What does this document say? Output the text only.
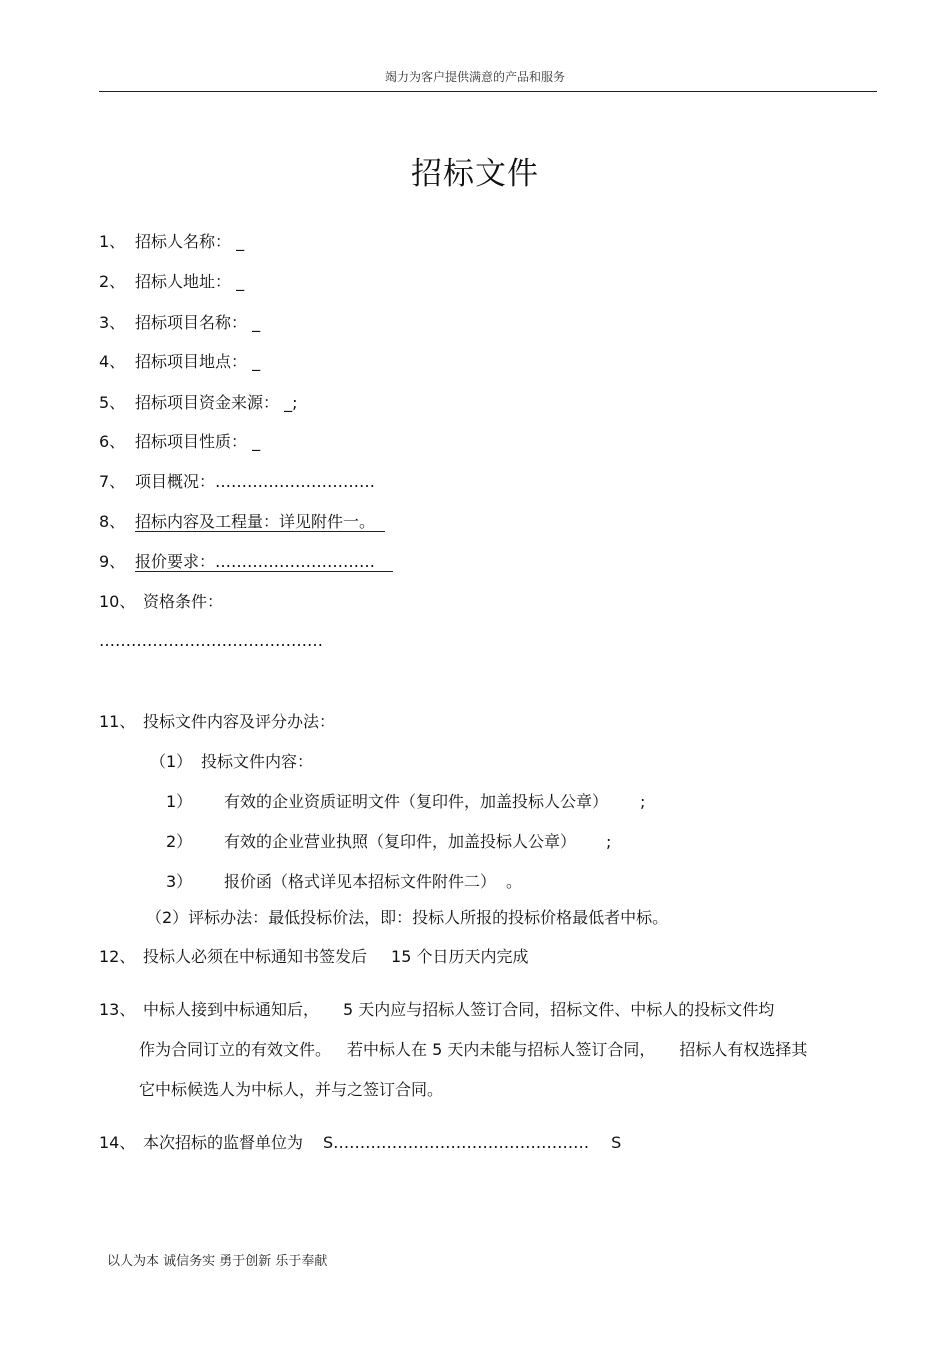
竭力为客户提供满意的产品和服务
招标文件
1、 招标人名称： _
2、 招标人地址： _
3、 招标项目名称： _
4、 招标项目地点： _
5、 招标项目资金来源： _;
6、 招标项目性质： _
7、 项目概况：…………………………
8、 招标内容及工程量：详见附件一。
9、 报价要求：…………………………
10、 资格条件：
……………………………………
11、 投标文件内容及评分办法：
（1） 投标文件内容：
1） 有效的企业资质证明文件（复印件，加盖投标人公章） ;
2） 有效的企业营业执照（复印件，加盖投标人公章） ;
3） 报价函（格式详见本招标文件附件二） 。
（2）评标办法：最低投标价法，即：投标人所报的投标价格最低者中标。
12、 投标人必须在中标通知书签发后 15 个日历天内完成
13、 中标人接到中标通知后， 5 天内应与招标人签订合同，招标文件、中标人的投标文件均
作为合同订立的有效文件。 若中标人在 5 天内未能与招标人签订合同， 招标人有权选择其
它中标候选人为中标人，并与之签订合同。
14、 本次招标的监督单位为 S………………………………………… S
以人为本 诚信务实 勇于创新 乐于奉献
